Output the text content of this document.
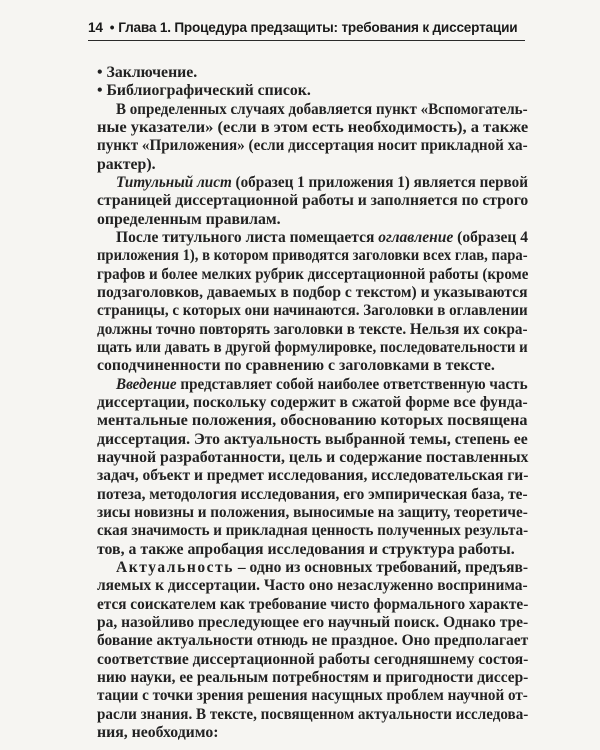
14 • Глава 1. Процедура предзащиты: требования к диссертации
• Заключение.
• Библиографический список.
В определенных случаях добавляется пункт «Вспомогатель-
ные указатели» (если в этом есть необходимость), а также
пункт «Приложения» (если диссертация носит прикладной ха-
рактер).
Титульный лист (образец 1 приложения 1) является первой
страницей диссертационной работы и заполняется по строго
определенным правилам.
После титульного листа помещается оглавление (образец 4
приложения 1), в котором приводятся заголовки всех глав, пара-
графов и более мелких рубрик диссертационной работы (кроме
подзаголовков, даваемых в подбор с текстом) и указываются
страницы, с которых они начинаются. Заголовки в оглавлении
должны точно повторять заголовки в тексте. Нельзя их сокра-
щать или давать в другой формулировке, последовательности и
соподчиненности по сравнению с заголовками в тексте.
Введение представляет собой наиболее ответственную часть
диссертации, поскольку содержит в сжатой форме все фунда-
ментальные положения, обоснованию которых посвящена
диссертация. Это актуальность выбранной темы, степень ее
научной разработанности, цель и содержание поставленных
задач, объект и предмет исследования, исследовательская ги-
потеза, методология исследования, его эмпирическая база, те-
зисы новизны и положения, выносимые на защиту, теоретиче-
ская значимость и прикладная ценность полученных результа-
тов, а также апробация исследования и структура работы.
Актуальность – одно из основных требований, предъяв-
ляемых к диссертации. Часто оно незаслуженно воспринима-
ется соискателем как требование чисто формального характе-
ра, назойливо преследующее его научный поиск. Однако тре-
бование актуальности отнюдь не праздное. Оно предполагает
соответствие диссертационной работы сегодняшнему состоя-
нию науки, ее реальным потребностям и пригодности диссер-
тации с точки зрения решения насущных проблем научной от-
расли знания. В тексте, посвященном актуальности исследова-
ния, необходимо:
